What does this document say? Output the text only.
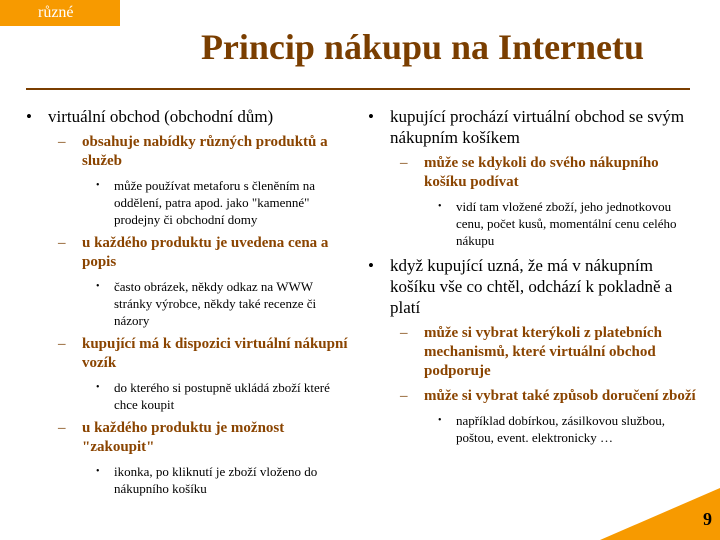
různé
Princip nákupu na Internetu
• virtuální obchod (obchodní dům)
– obsahuje nabídky různých produktů a služeb
• může používat metaforu s členěním na oddělení, patra apod. jako "kamenné" prodejny či obchodní domy
– u každého produktu je uvedena cena a popis
• často obrázek, někdy odkaz na WWW stránky výrobce, někdy také recenze či názory
– kupující má k dispozici virtuální nákupní vozík
• do kterého si postupně ukládá zboží které chce koupit
– u každého produktu je možnost "zakoupit"
• ikonka, po kliknutí je zboží vloženo do nákupního košíku
• kupující prochází virtuální obchod se svým nákupním košíkem
– může se kdykoli do svého nákupního košíku podívat
• vidí tam vložené zboží, jeho jednotkovou cenu, počet kusů, momentální cenu celého nákupu
• když kupující uzná, že má v nákupním košíku vše co chtěl, odchází k pokladně a platí
– může si vybrat kterýkoli z platebních mechanismů, které virtuální obchod podporuje
– může si vybrat také způsob doručení zboží
• například dobírkou, zásilkovou službou, poštou, event. elektronicky …
9
